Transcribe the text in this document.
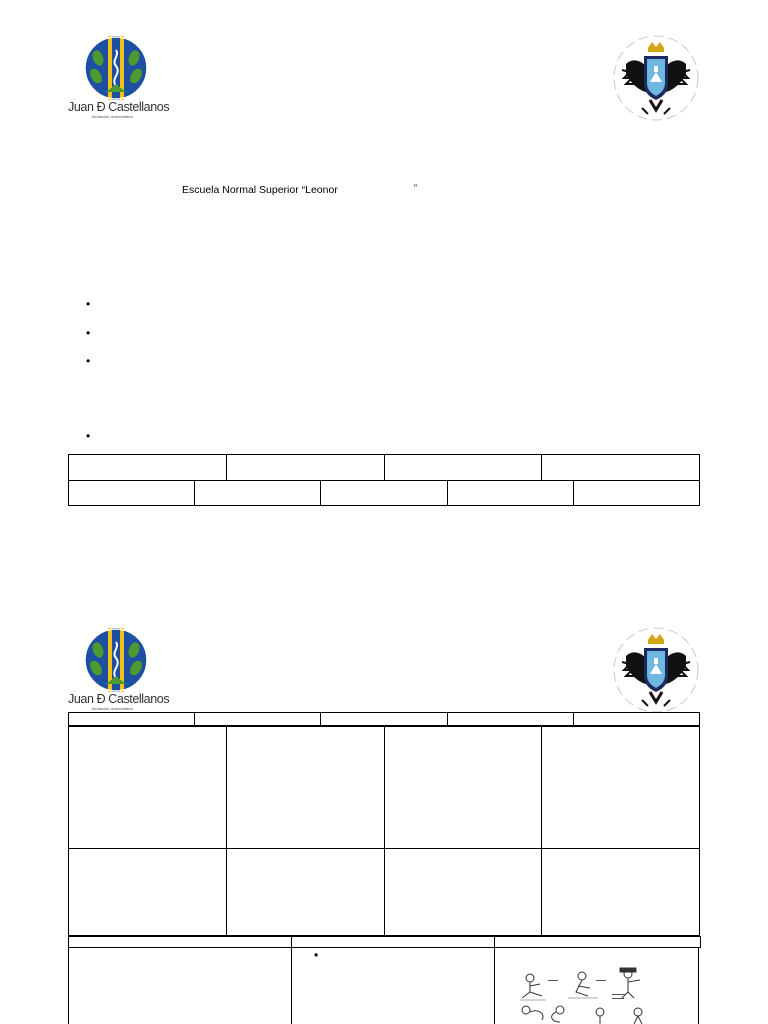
Juan Đ Castellanos
fundación Universitaria
Escuela Normal Superior “Leonor	”
•
•
•
•
Juan Đ Castellanos
fundación Universitaria
•
